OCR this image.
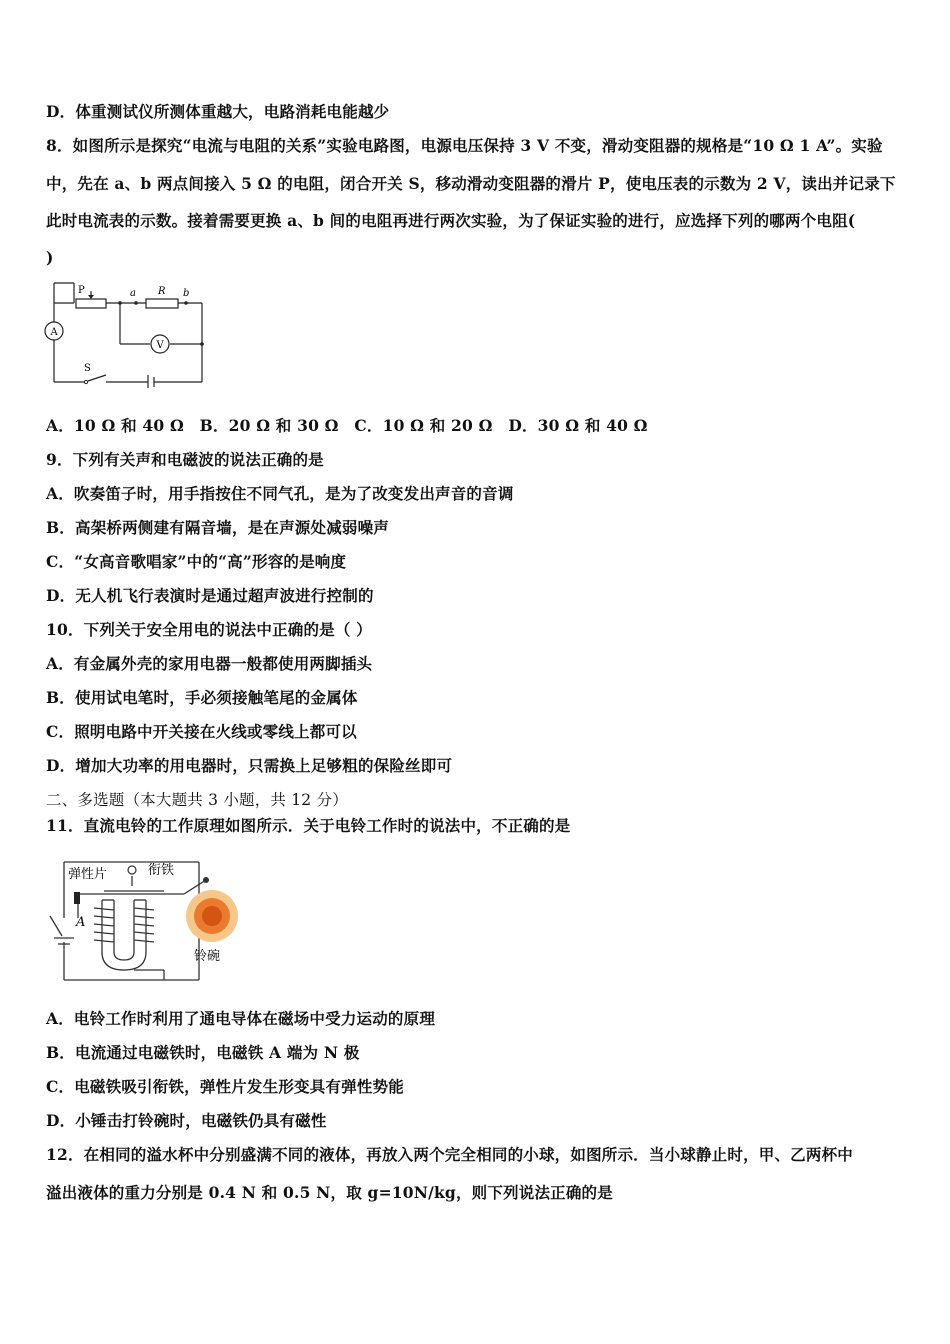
D．体重测试仪所测体重越大，电路消耗电能越少
8．如图所示是探究“电流与电阻的关系”实验电路图，电源电压保持 3 V 不变，滑动变阻器的规格是“10 Ω 1 A”。实验
中，先在 a、b 两点间接入 5 Ω 的电阻，闭合开关 S，移动滑动变阻器的滑片 P，使电压表的示数为 2 V，读出并记录下
此时电流表的示数。接着需要更换 a、b 间的电阻再进行两次实验，为了保证实验的进行，应选择下列的哪两个电阻(
)
P	a R b
A
V
S
A．10 Ω 和 40 Ω　B．20 Ω 和 30 Ω　C．10 Ω 和 20 Ω　D．30 Ω 和 40 Ω
9．下列有关声和电磁波的说法正确的是
A．吹奏笛子时，用手指按住不同气孔，是为了改变发出声音的音调
B．高架桥两侧建有隔音墙，是在声源处减弱噪声
C．“女高音歌唱家”中的“高”形容的是响度
D．无人机飞行表演时是通过超声波进行控制的
10．下列关于安全用电的说法中正确的是（ ）
A．有金属外壳的家用电器一般都使用两脚插头
B．使用试电笔时，手必须接触笔尾的金属体
C．照明电路中开关接在火线或零线上都可以
D．增加大功率的用电器时，只需换上足够粗的保险丝即可
二、多选题（本大题共 3 小题，共 12 分）
11．直流电铃的工作原理如图所示．关于电铃工作时的说法中，不正确的是
弹性片	衔铁
A
铃碗
A．电铃工作时利用了通电导体在磁场中受力运动的原理
B．电流通过电磁铁时，电磁铁 A 端为 N 极
C．电磁铁吸引衔铁，弹性片发生形变具有弹性势能
D．小锤击打铃碗时，电磁铁仍具有磁性
12．在相同的溢水杯中分别盛满不同的液体，再放入两个完全相同的小球，如图所示．当小球静止时，甲、乙两杯中
溢出液体的重力分别是 0.4 N 和 0.5 N，取 g=10N/kg，则下列说法正确的是
